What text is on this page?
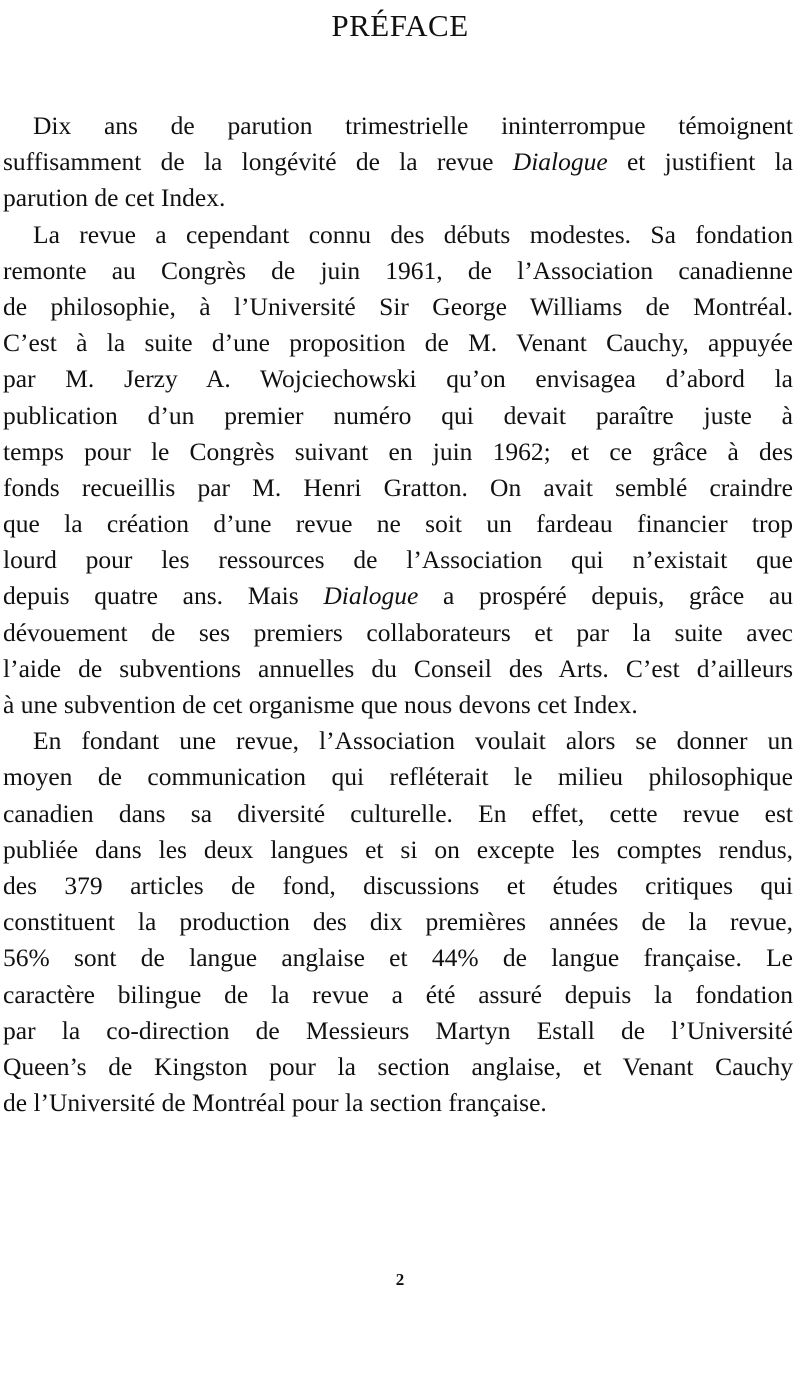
PRÉFACE
Dix ans de parution trimestrielle ininterrompue témoignent
suffisamment de la longévité de la revue Dialogue et justifient la
parution de cet Index.
La revue a cependant connu des débuts modestes. Sa fondation
remonte au Congrès de juin 1961, de l’Association canadienne
de philosophie, à l’Université Sir George Williams de Montréal.
C’est à la suite d’une proposition de M. Venant Cauchy, appuyée
par M. Jerzy A. Wojciechowski qu’on envisagea d’abord la
publication d’un premier numéro qui devait paraître juste à
temps pour le Congrès suivant en juin 1962; et ce grâce à des
fonds recueillis par M. Henri Gratton. On avait semblé craindre
que la création d’une revue ne soit un fardeau financier trop
lourd pour les ressources de l’Association qui n’existait que
depuis quatre ans. Mais Dialogue a prospéré depuis, grâce au
dévouement de ses premiers collaborateurs et par la suite avec
l’aide de subventions annuelles du Conseil des Arts. C’est d’ailleurs
à une subvention de cet organisme que nous devons cet Index.
En fondant une revue, l’Association voulait alors se donner un
moyen de communication qui refléterait le milieu philosophique
canadien dans sa diversité culturelle. En effet, cette revue est
publiée dans les deux langues et si on excepte les comptes rendus,
des 379 articles de fond, discussions et études critiques qui
constituent la production des dix premières années de la revue,
56% sont de langue anglaise et 44% de langue française. Le
caractère bilingue de la revue a été assuré depuis la fondation
par la co-direction de Messieurs Martyn Estall de l’Université
Queen’s de Kingston pour la section anglaise, et Venant Cauchy
de l’Université de Montréal pour la section française.
2
